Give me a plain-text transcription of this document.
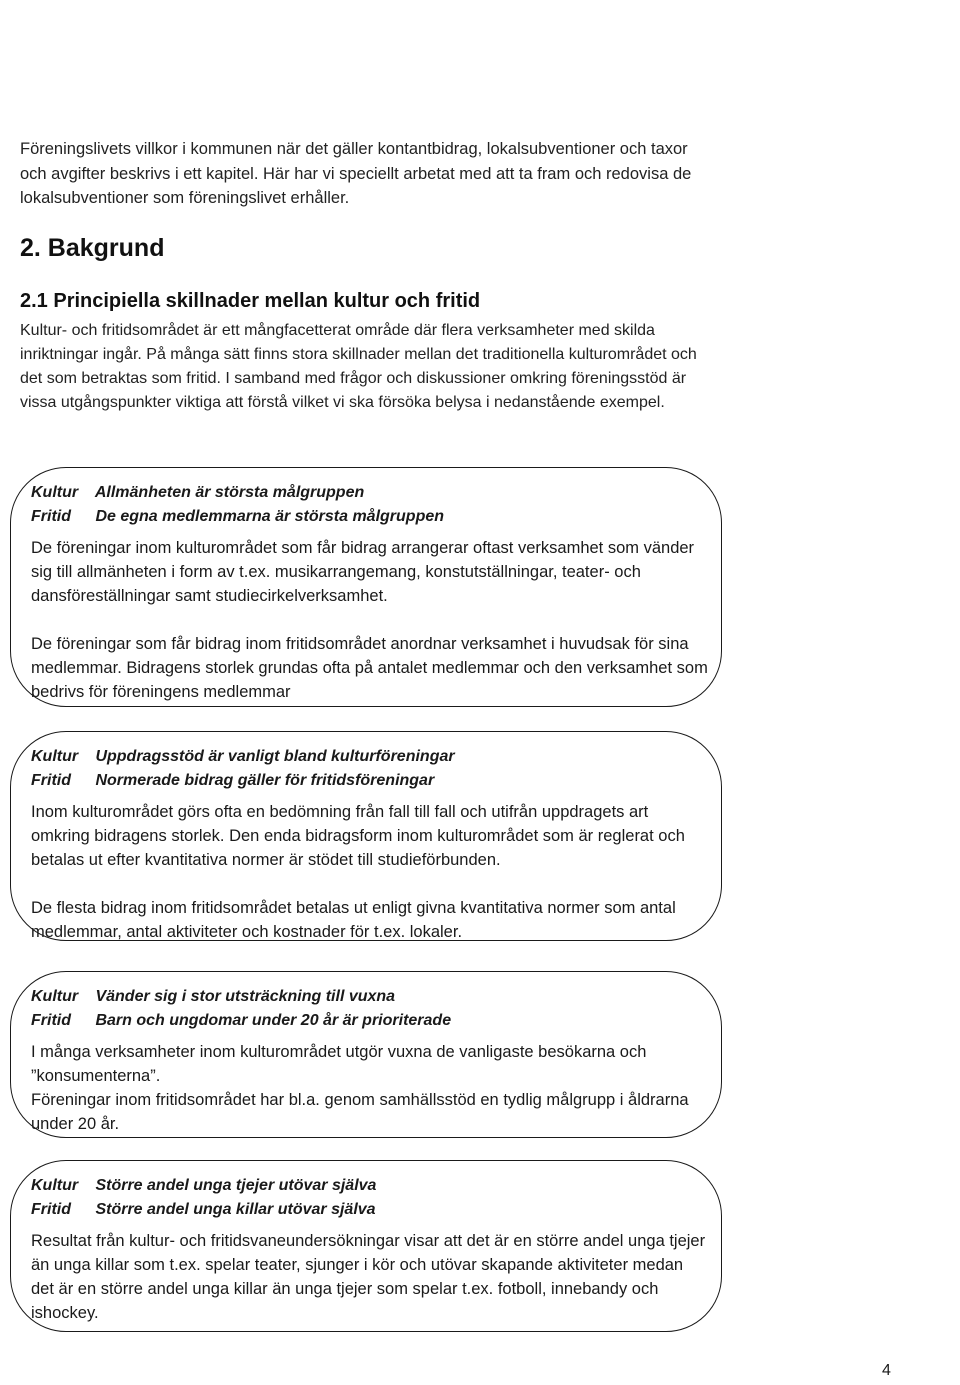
Föreningslivets villkor i kommunen när det gäller kontantbidrag, lokalsubventioner och taxor och avgifter beskrivs i ett kapitel. Här har vi speciellt arbetat med att ta fram och redovisa de lokalsubventioner som föreningslivet erhåller.
2. Bakgrund
2.1 Principiella skillnader mellan kultur och fritid
Kultur- och fritidsområdet är ett mångfacetterat område där flera verksamheter med skilda inriktningar ingår. På många sätt finns stora skillnader mellan det traditionella kulturområdet och det som betraktas som fritid. I samband med frågor och diskussioner omkring föreningsstöd är vissa utgångspunkter viktiga att förstå vilket vi ska försöka belysa i nedanstående exempel.
Kultur Allmänheten är största målgruppen
Fritid De egna medlemmarna är största målgruppen
De föreningar inom kulturområdet som får bidrag arrangerar oftast verksamhet som vänder sig till allmänheten i form av t.ex. musikarrangemang, konstutställningar, teater- och dansföreställningar samt studiecirkelverksamhet.
De föreningar som får bidrag inom fritidsområdet anordnar verksamhet i huvudsak för sina medlemmar. Bidragens storlek grundas ofta på antalet medlemmar och den verksamhet som bedrivs för föreningens medlemmar
Kultur Uppdragsstöd är vanligt bland kulturföreningar
Fritid Normerade bidrag gäller för fritidsföreningar
Inom kulturområdet görs ofta en bedömning från fall till fall och utifrån uppdragets art omkring bidragens storlek. Den enda bidragsform inom kulturområdet som är reglerat och betalas ut efter kvantitativa normer är stödet till studieförbunden.
De flesta bidrag inom fritidsområdet betalas ut enligt givna kvantitativa normer som antal medlemmar, antal aktiviteter och kostnader för t.ex. lokaler.
Kultur Vänder sig i stor utsträckning till vuxna
Fritid Barn och ungdomar under 20 år är prioriterade
I många verksamheter inom kulturområdet utgör vuxna de vanligaste besökarna och ”konsumenterna”.
Föreningar inom fritidsområdet har bl.a. genom samhällsstöd en tydlig målgrupp i åldrarna under 20 år.
Kultur Större andel unga tjejer utövar själva
Fritid Större andel unga killar utövar själva
Resultat från kultur- och fritidsvaneundersökningar visar att det är en större andel unga tjejer än unga killar som t.ex. spelar teater, sjunger i kör och utövar skapande aktiviteter medan det är en större andel unga killar än unga tjejer som spelar t.ex. fotboll, innebandy och ishockey.
4
